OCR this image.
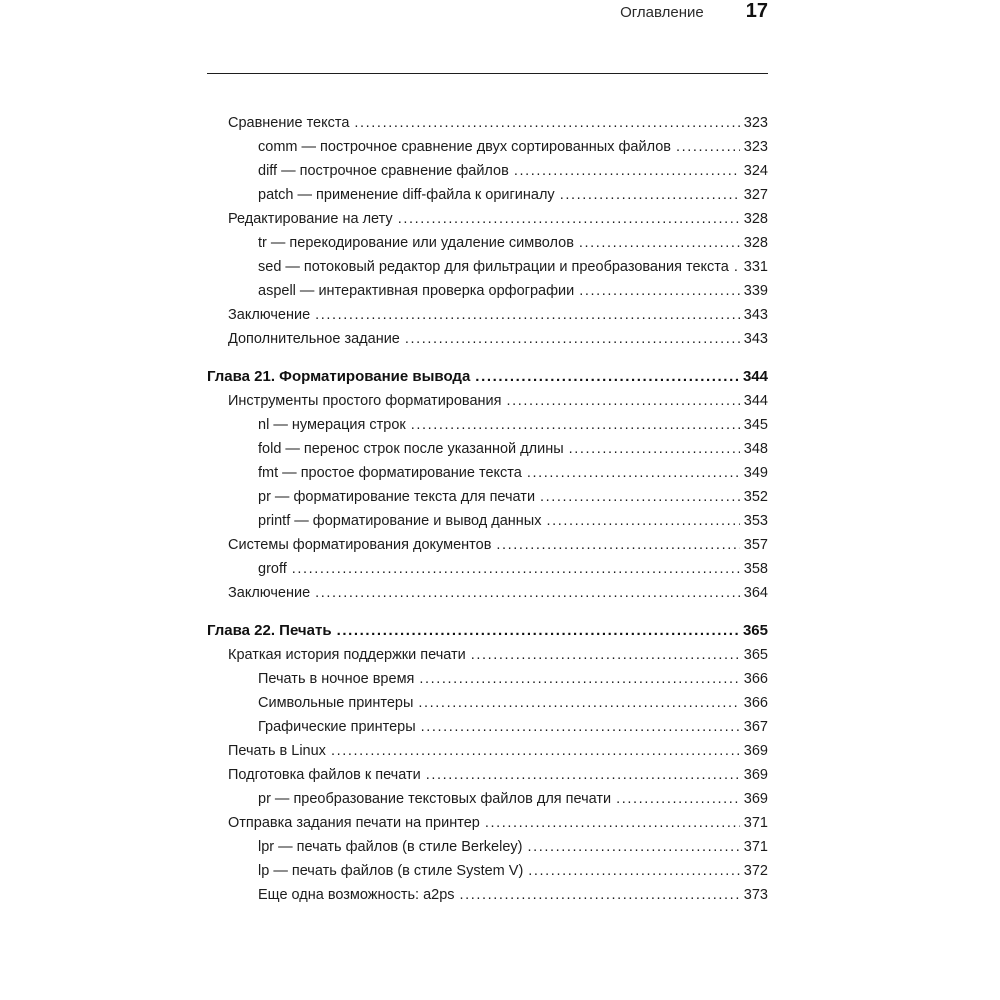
Оглавление 17
Сравнение текста .....	323
comm — построчное сравнение двух сортированных файлов .....	323
diff — построчное сравнение файлов .....	324
patch — применение diff-файла к оригиналу .....	327
Редактирование на лету .....	328
tr — перекодирование или удаление символов .....	328
sed — потоковый редактор для фильтрации и преобразования текста ..... 331
aspell — интерактивная проверка орфографии .....	339
Заключение .....	343
Дополнительное задание .....	343
Глава 21. Форматирование вывода .....	344
Инструменты простого форматирования .....	344
nl — нумерация строк .....	345
fold — перенос строк после указанной длины .....	348
fmt — простое форматирование текста .....	349
pr — форматирование текста для печати .....	352
printf — форматирование и вывод данных .....	353
Системы форматирования документов .....	357
groff .....	358
Заключение .....	364
Глава 22. Печать .....	365
Краткая история поддержки печати .....	365
Печать в ночное время .....	366
Символьные принтеры .....	366
Графические принтеры .....	367
Печать в Linux .....	369
Подготовка файлов к печати .....	369
pr — преобразование текстовых файлов для печати .....	369
Отправка задания печати на принтер .....	371
lpr — печать файлов (в стиле Berkeley) .....	371
lp — печать файлов (в стиле System V) .....	372
Еще одна возможность: a2ps .....	373
